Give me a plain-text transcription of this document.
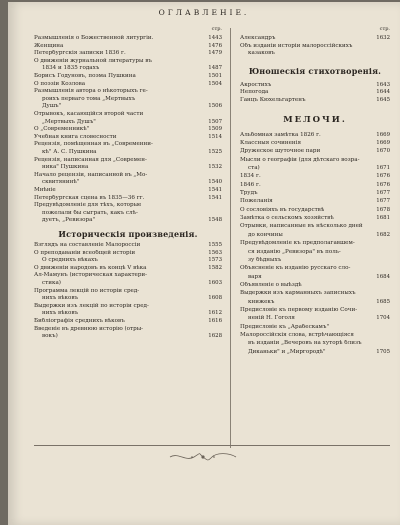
ОГЛАВЛЕНІЕ.
стр.
Размышленія о Божественной литургіи.	1443
Женщина	1476
Петербургскія записки 1836 г.	1479
О движеніи журнальной литературы въ
1834 и 1835 годахъ	1487
Борисъ Годуновъ, поэма Пушкина	1501
О поэзіи Козлова	1504
Размышленія автора о нѣкоторыхъ ге-
роихъ перваго тома „Мертвыхъ
Душъ"	1506
Отрывокъ, касающійся второй части
„Мертвыхъ Душъ"	1507
О „Современникѣ"	1509
Учебная книга словесности	1514
Рецензія, помѣщенная въ „Современни-
кѣ" А. С. Пушкина	1525
Рецензія, написанная для „Современ-
ника" Пушкина	1532
Начало рецензіи, написанной въ „Мо-
сквитянинѣ"	1540
Мнѣніе	1541
Петербургская сцена въ 1835—36 гг.	1541
Предувѣдомленіе для тѣхъ, которые
пожелали бы сыграть, какъ слѣ-
дуетъ, „Ревизора"	1548
Историческія произведенія.
Взглядъ на составленіе Малороссіи	1555
О преподаваніи всеобщей исторіи	1563
О среднихъ вѣкахъ	1573
О движеніи народовъ въ концѣ V вѣка	1582
Ал-Мамунъ (историческая характери-
стика)	1603
Программа лекцій по исторіи сред-
нихъ вѣковъ	1608
Выдержки изъ лекцій по исторіи сред-
нихъ вѣковъ	1612
Библіографія среднихъ вѣковъ	1616
Введеніе въ древнюю исторію (отры-
вокъ)	1628
стр.
Александръ	1632
Объ изданіи исторіи малороссійскихъ
казаковъ
Юношескія стихотворенія.
Акростихъ	1643
Непогода	1644
Ганцъ Кюхельгартенъ	1645
МЕЛОЧИ.
Альбомная замѣтка 1826 г.	1669
Классныя сочиненія	1669
Дружеское шуточное пари	1670
Мысли о географіи (для дѣтскаго возра-
ста)	1671
1834 г.	1676
1846 г.	1676
Трудъ	1677
Пожеланія	1677
О сословіяхъ въ государствѣ	1678
Замѣтка о сельскомъ хозяйствѣ	1681
Отрывки, написанные въ нѣсколько дней
до кончины	1682
Предувѣдомленіе къ предполагавшем-
ся изданію „Ревизора" въ поль-
зу бѣдныхъ
Объясненіе къ изданію русскаго сло-
варя	1684
Объявленіе о выѣздѣ
Выдержки изъ карманныхъ записныхъ
книжекъ	1685
Предисловіе къ первому изданію Сочи-
неній Н. Гоголя	1704
Предисловіе къ „Арабескамъ"
Малороссійскія слова, встрѣчающіяся
въ изданіи „Вечеровъ на хуторѣ близъ
Диканьки" и „Миргородѣ"	1705
